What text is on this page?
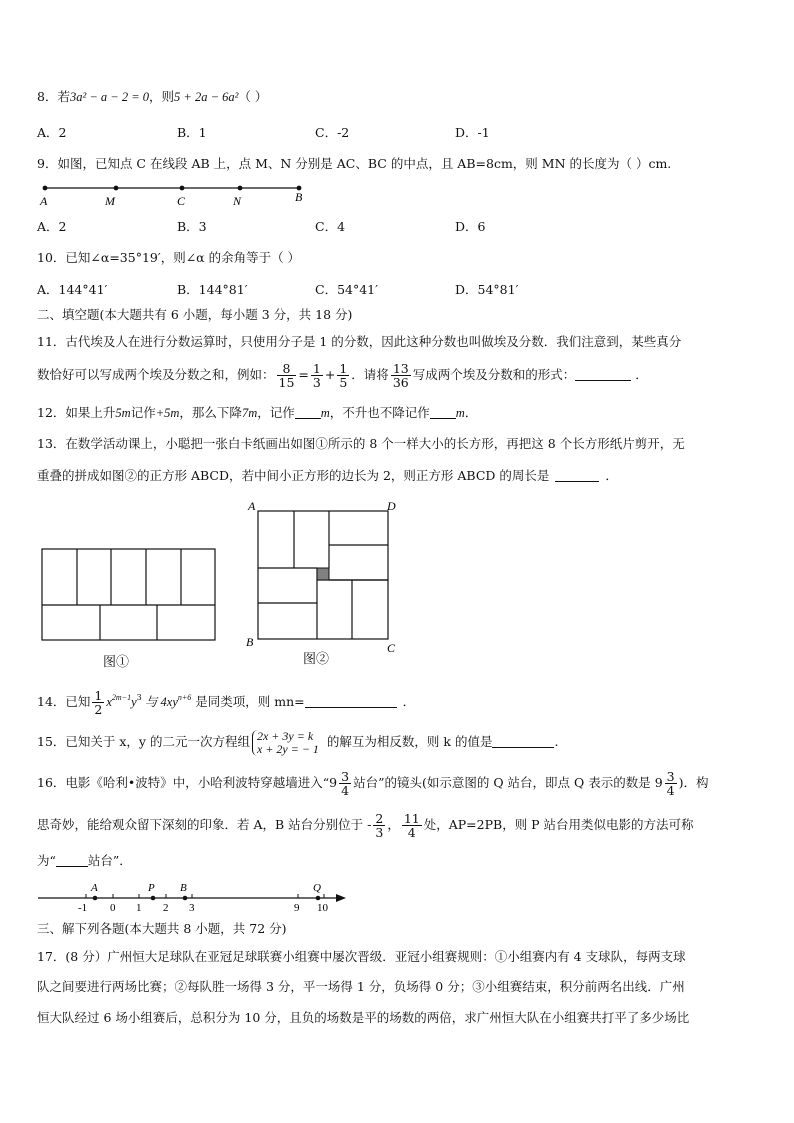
8．若3a² − a − 2 = 0，则5 + 2a − 6a²（ ）
A．2	B．1	C．-2	D．-1
9．如图，已知点 C 在线段 AB 上，点 M、N 分别是 AC、BC 的中点，且 AB=8cm，则 MN 的长度为（ ）cm.
A	M	C	N	B
A．2	B．3	C．4	D．6
10．已知∠α=35°19′，则∠α 的余角等于（ ）
A．144°41′	B．144°81′	C．54°41′	D．54°81′
二、填空题(本大题共有 6 小题，每小题 3 分，共 18 分)
11．古代埃及人在进行分数运算时，只使用分子是 1 的分数，因此这种分数也叫做埃及分数．我们注意到，某些真分
数恰好可以写成两个埃及分数之和，例如： $\frac{8}{15} = \frac{1}{3} + \frac{1}{5}$ ．请将 $\frac{13}{36}$ 写成两个埃及分数和的形式：	．
12．如果上升5m记作+5m，那么下降7m，记作 m，不升也不降记作 m．
13．在数学活动课上，小聪把一张白卡纸画出如图①所示的 8 个一样大小的长方形，再把这 8 个长方形纸片剪开，无
重叠的拼成如图②的正方形 ABCD，若中间小正方形的边长为 2，则正方形 ABCD 的周长是	．
图①
A	D
B	C
图②
14．已知 $\frac{1}{2} x^{2m-1}y^3$ 与 $4xy^{n+6}$ 是同类项，则 mn=	．
15．已知关于 x，y 的二元一次方程组 2x + 3y = k
x + 2y = − 1 的解互为相反数，则 k 的值是	.
16．电影《哈利•波特》中，小哈利波特穿越墙进入“$9 \frac{3}{4}$ 站台”的镜头(如示意图的 Q 站台，即点 Q 表示的数是 $9 \frac{3}{4}$ )．构
思奇妙，能给观众留下深刻的印象．若 A，B 站台分别位于 - $\frac{2}{3}$ ， $\frac{11}{4}$ 处，AP=2PB，则 P 站台用类似电影的方法可称
为“	站台”．
A	P B	Q
-1 0 1 2 3	9 10
三、解下列各题(本大题共 8 小题，共 72 分)
17．(8 分）广州恒大足球队在亚冠足球联赛小组赛中屡次晋级．亚冠小组赛规则：①小组赛内有 4 支球队，每两支球
队之间要进行两场比赛；②每队胜一场得 3 分，平一场得 1 分，负场得 0 分；③小组赛结束，积分前两名出线．广州
恒大队经过 6 场小组赛后，总积分为 10 分，且负的场数是平的场数的两倍，求广州恒大队在小组赛共打平了多少场比
